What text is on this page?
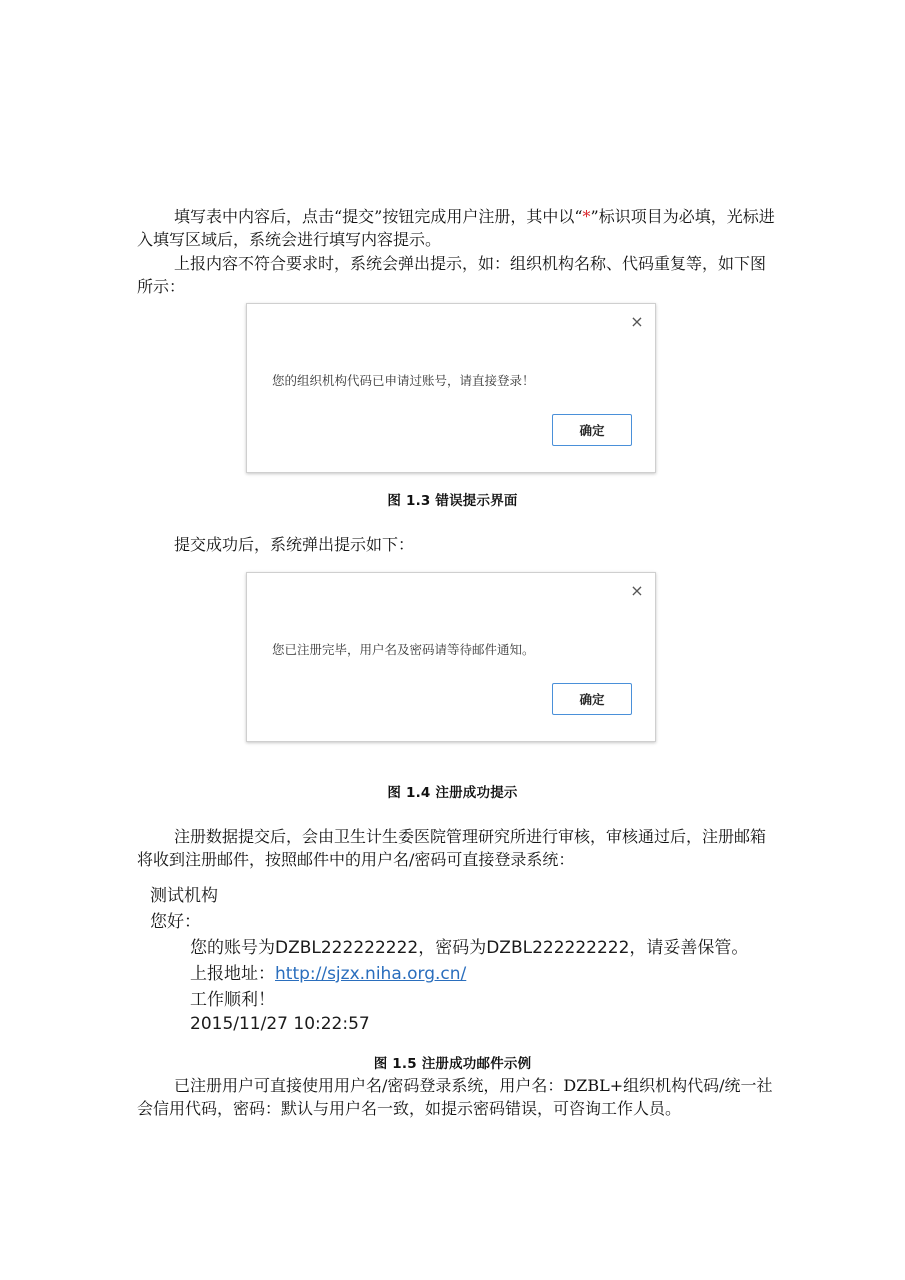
填写表中内容后，点击“提交”按钮完成用户注册，其中以“*”标识项目为必填，光标进入填写区域后，系统会进行填写内容提示。

上报内容不符合要求时，系统会弹出提示，如：组织机构名称、代码重复等，如下图所示：

×
您的组织机构代码已申请过账号，请直接登录！
确定
图 1.3 错误提示界面

提交成功后，系统弹出提示如下：

×
您已注册完毕，用户名及密码请等待邮件通知。
确定
图 1.4 注册成功提示

注册数据提交后，会由卫生计生委医院管理研究所进行审核，审核通过后，注册邮箱将收到注册邮件，按照邮件中的用户名/密码可直接登录系统：

测试机构
您好：
您的账号为DZBL222222222，密码为DZBL222222222，请妥善保管。
上报地址：http://sjzx.niha.org.cn/
工作顺利！
2015/11/27 10:22:57
图 1.5 注册成功邮件示例

已注册用户可直接使用用户名/密码登录系统，用户名：DZBL+组织机构代码/统一社会信用代码，密码：默认与用户名一致，如提示密码错误，可咨询工作人员。
